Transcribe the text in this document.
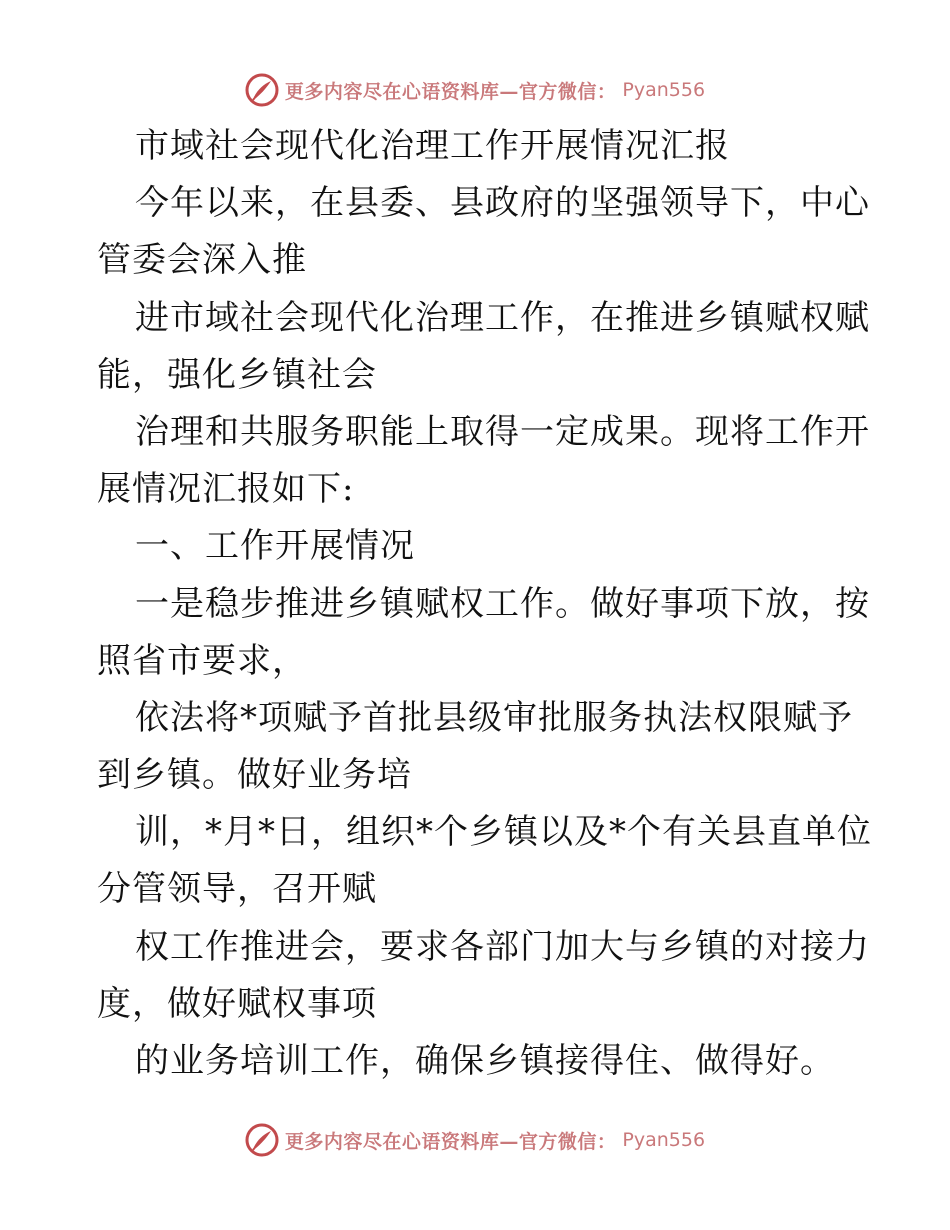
更多内容尽在心语资料库—官方微信： Pyan556
市域社会现代化治理工作开展情况汇报
今年以来，在县委、县政府的坚强领导下，中心
管委会深入推
进市域社会现代化治理工作，在推进乡镇赋权赋
能，强化乡镇社会
治理和共服务职能上取得一定成果。现将工作开
展情况汇报如下:
一、工作开展情况
一是稳步推进乡镇赋权工作。做好事项下放，按
照省市要求，
依法将*项赋予首批县级审批服务执法权限赋予
到乡镇。做好业务培
训，*月*日，组织*个乡镇以及*个有关县直单位
分管领导，召开赋
权工作推进会，要求各部门加大与乡镇的对接力
度，做好赋权事项
的业务培训工作，确保乡镇接得住、做得好。
更多内容尽在心语资料库—官方微信： Pyan556
